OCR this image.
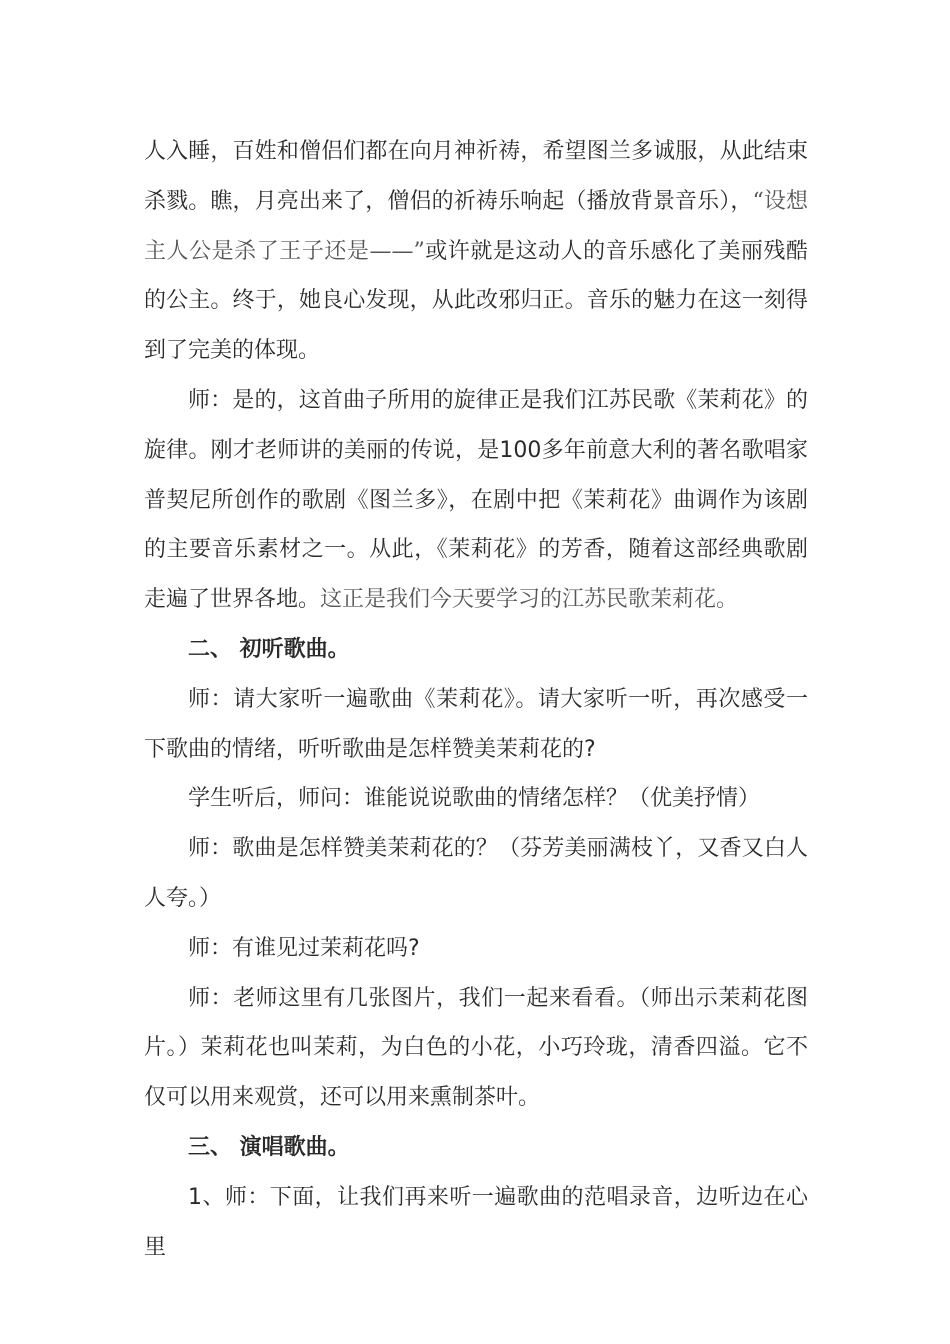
人入睡，百姓和僧侣们都在向月神祈祷，希望图兰多诚服，从此结束杀戮。瞧，月亮出来了，僧侣的祈祷乐响起（播放背景音乐），“设想主人公是杀了王子还是——”或许就是这动人的音乐感化了美丽残酷的公主。终于，她良心发现，从此改邪归正。音乐的魅力在这一刻得到了完美的体现。

师：是的，这首曲子所用的旋律正是我们江苏民歌《茉莉花》的旋律。刚才老师讲的美丽的传说，是100多年前意大利的著名歌唱家普契尼所创作的歌剧《图兰多》，在剧中把《茉莉花》曲调作为该剧的主要音乐素材之一。从此，《茉莉花》的芳香，随着这部经典歌剧走遍了世界各地。这正是我们今天要学习的江苏民歌茉莉花。

二、 初听歌曲。

师：请大家听一遍歌曲《茉莉花》。请大家听一听，再次感受一下歌曲的情绪，听听歌曲是怎样赞美茉莉花的?

学生听后，师问：谁能说说歌曲的情绪怎样？（优美抒情）

师：歌曲是怎样赞美茉莉花的？（芬芳美丽满枝丫，又香又白人人夸。）

师：有谁见过茉莉花吗?

师：老师这里有几张图片，我们一起来看看。（师出示茉莉花图片。）茉莉花也叫茉莉，为白色的小花，小巧玲珑，清香四溢。它不仅可以用来观赏，还可以用来熏制茶叶。

三、 演唱歌曲。

1、师：下面，让我们再来听一遍歌曲的范唱录音，边听边在心里
